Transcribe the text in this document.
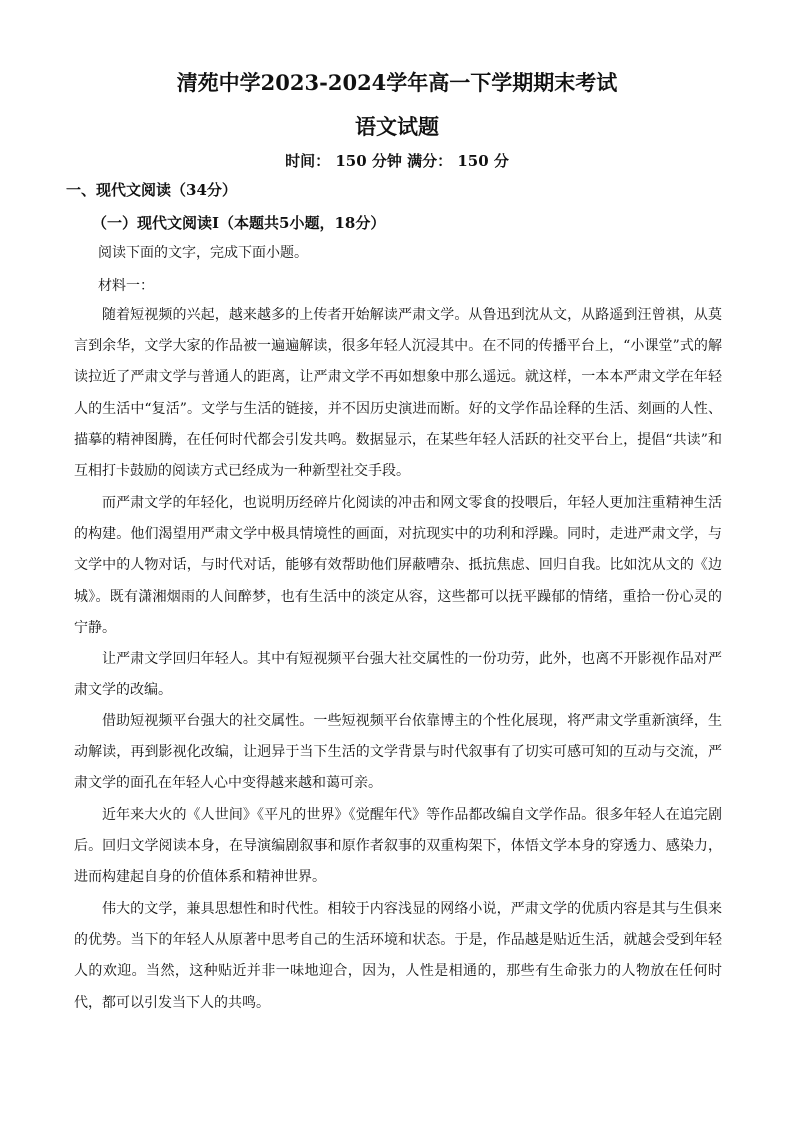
清苑中学2023-2024学年高一下学期期末考试
语文试题
时间： 150 分钟 满分： 150 分
一、现代文阅读（34分）
（一）现代文阅读Ⅰ（本题共5小题，18分）
阅读下面的文字，完成下面小题。
材料一：

随着短视频的兴起，越来越多的上传者开始解读严肃文学。从鲁迅到沈从文，从路遥到汪曾祺，从莫言到余华，文学大家的作品被一遍遍解读，很多年轻人沉浸其中。在不同的传播平台上，“小课堂”式的解读拉近了严肃文学与普通人的距离，让严肃文学不再如想象中那么遥远。就这样，一本本严肃文学在年轻人的生活中“复活”。文学与生活的链接，并不因历史演进而断。好的文学作品诠释的生活、刻画的人性、描摹的精神图腾，在任何时代都会引发共鸣。数据显示，在某些年轻人活跃的社交平台上，提倡“共读”和互相打卡鼓励的阅读方式已经成为一种新型社交手段。

而严肃文学的年轻化，也说明历经碎片化阅读的冲击和网文零食的投喂后，年轻人更加注重精神生活的构建。他们渴望用严肃文学中极具情境性的画面，对抗现实中的功利和浮躁。同时，走进严肃文学，与文学中的人物对话，与时代对话，能够有效帮助他们屏蔽嘈杂、抵抗焦虑、回归自我。比如沈从文的《边城》。既有潇湘烟雨的人间醉梦，也有生活中的淡定从容，这些都可以抚平躁郁的情绪，重拾一份心灵的宁静。

让严肃文学回归年轻人。其中有短视频平台强大社交属性的一份功劳，此外，也离不开影视作品对严肃文学的改编。

借助短视频平台强大的社交属性。一些短视频平台依靠博主的个性化展现，将严肃文学重新演绎，生动解读，再到影视化改编，让迥异于当下生活的文学背景与时代叙事有了切实可感可知的互动与交流，严肃文学的面孔在年轻人心中变得越来越和蔼可亲。

近年来大火的《人世间》《平凡的世界》《觉醒年代》等作品都改编自文学作品。很多年轻人在追完剧后。回归文学阅读本身，在导演编剧叙事和原作者叙事的双重构架下，体悟文学本身的穿透力、感染力，进而构建起自身的价值体系和精神世界。

伟大的文学，兼具思想性和时代性。相较于内容浅显的网络小说，严肃文学的优质内容是其与生俱来的优势。当下的年轻人从原著中思考自己的生活环境和状态。于是，作品越是贴近生活，就越会受到年轻人的欢迎。当然，这种贴近并非一味地迎合，因为，人性是相通的，那些有生命张力的人物放在任何时代，都可以引发当下人的共鸣。
